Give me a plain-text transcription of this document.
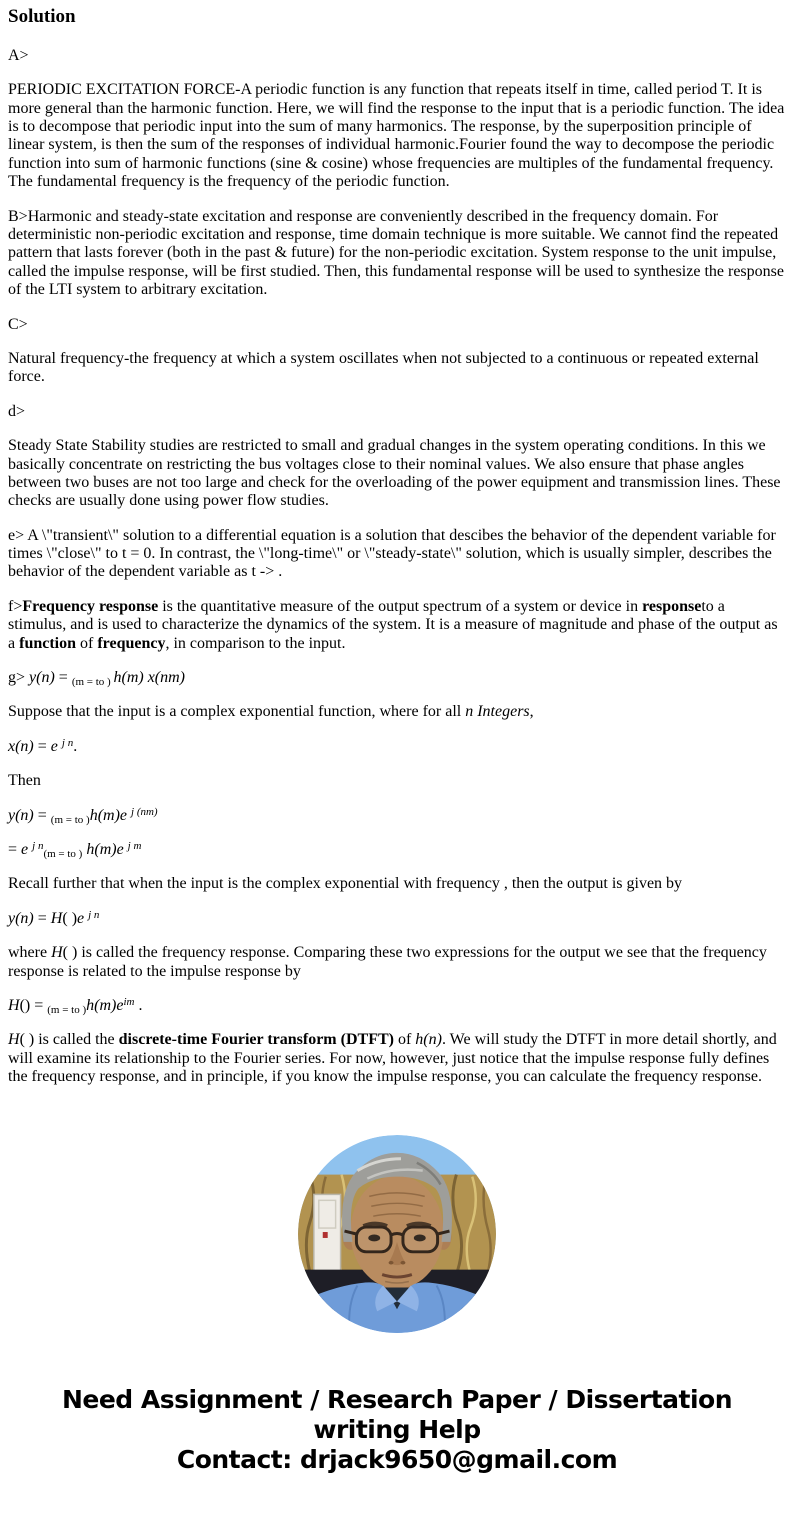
Solution

A>

PERIODIC EXCITATION FORCE-A periodic function is any function that repeats itself in time, called period T. It is more general than the harmonic function. Here, we will find the response to the input that is a periodic function. The idea is to decompose that periodic input into the sum of many harmonics. The response, by the superposition principle of linear system, is then the sum of the responses of individual harmonic.Fourier found the way to decompose the periodic function into sum of harmonic functions (sine & cosine) whose frequencies are multiples of the fundamental frequency. The fundamental frequency is the frequency of the periodic function.

B>Harmonic and steady-state excitation and response are conveniently described in the frequency domain. For deterministic non-periodic excitation and response, time domain technique is more suitable. We cannot find the repeated pattern that lasts forever (both in the past & future) for the non-periodic excitation. System response to the unit impulse, called the impulse response, will be first studied. Then, this fundamental response will be used to synthesize the response of the LTI system to arbitrary excitation.

C>

Natural frequency-the frequency at which a system oscillates when not subjected to a continuous or repeated external force.

d>

Steady State Stability studies are restricted to small and gradual changes in the system operating conditions. In this we basically concentrate on restricting the bus voltages close to their nominal values. We also ensure that phase angles between two buses are not too large and check for the overloading of the power equipment and transmission lines. These checks are usually done using power flow studies.

e> A \"transient\" solution to a differential equation is a solution that descibes the behavior of the dependent variable for times \"close\" to t = 0. In contrast, the \"long-time\" or \"steady-state\" solution, which is usually simpler, describes the behavior of the dependent variable as t -> .

f>Frequency response is the quantitative measure of the output spectrum of a system or device in responseto a stimulus, and is used to characterize the dynamics of the system. It is a measure of magnitude and phase of the output as a function of frequency, in comparison to the input.

g> y(n) = $_{(m = to )}$ h(m) x(nm)

Suppose that the input is a complex exponential function, where for all n Integers,

x(n) = e $^{j n}$.

Then

y(n) = $_{(m = to )}$h(m)e $^{j (nm)}$

= e $^{j n}_{(m = to )}$ h(m)e $^{j m}$

Recall further that when the input is the complex exponential with frequency , then the output is given by

y(n) = H( )e $^{j n}$

where H( ) is called the frequency response. Comparing these two expressions for the output we see that the frequency response is related to the impulse response by

$H() = _{(m = to )}h(m)e^{im}$ .

H( ) is called the discrete-time Fourier transform (DTFT) of h(n). We will study the DTFT in more detail shortly, and will examine its relationship to the Fourier series. For now, however, just notice that the impulse response fully defines the frequency response, and in principle, if you know the impulse response, you can calculate the frequency response.

Need Assignment / Research Paper / Dissertation
writing Help
Contact: drjack9650@gmail.com
